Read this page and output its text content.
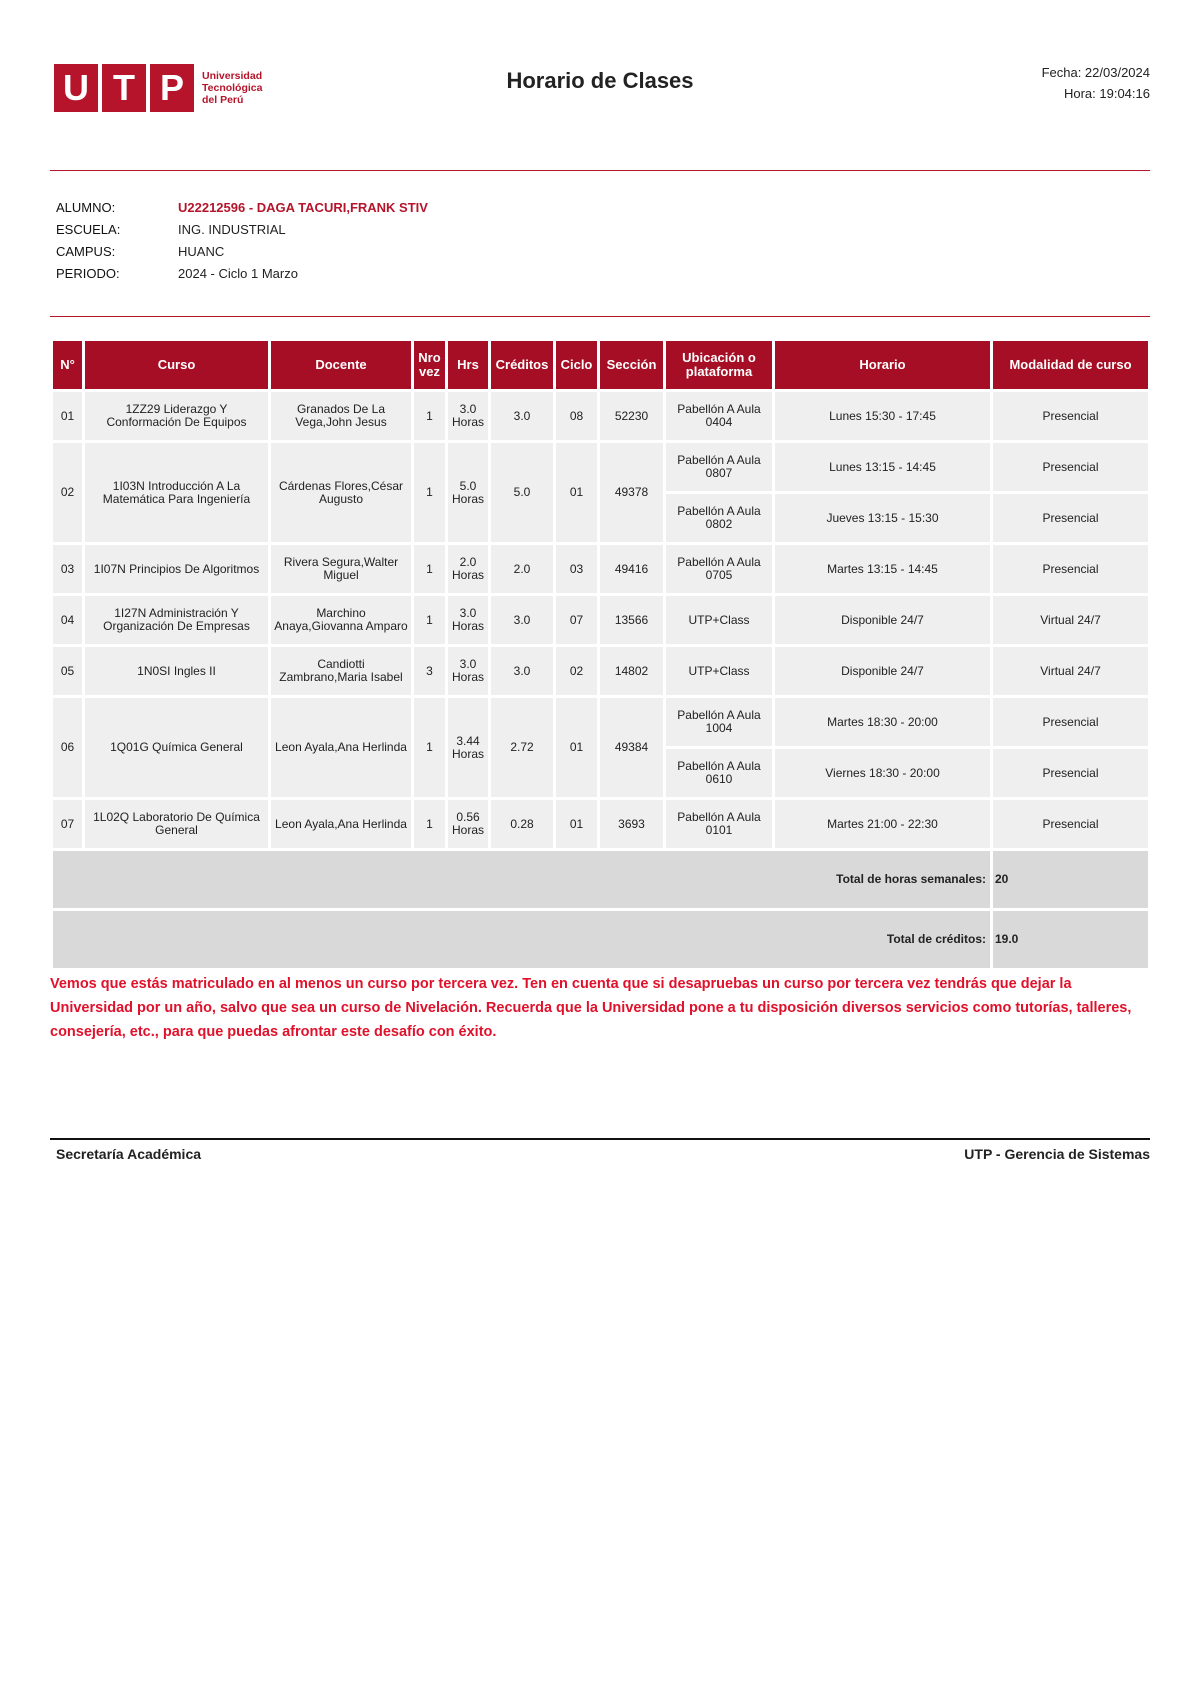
U T P	Universidad
Tecnológica
del Perú
Horario de Clases	Fecha: 22/03/2024
Hora: 19:04:16
ALUMNO:	U22212596 - DAGA TACURI,FRANK STIV
ESCUELA:	ING. INDUSTRIAL
CAMPUS:	HUANC
PERIODO:	2024 - Ciclo 1 Marzo
N°	Curso	Docente	Nro vez	Hrs	Créditos	Ciclo	Sección	Ubicación o plataforma	Horario	Modalidad de curso
01	1ZZ29 Liderazgo Y Conformación De Equipos	Granados De La Vega,John Jesus	1	3.0 Horas	3.0	08	52230	Pabellón A Aula 0404	Lunes 15:30 - 17:45	Presencial
02	1I03N Introducción A La Matemática Para Ingeniería	Cárdenas Flores,César Augusto	1	5.0 Horas	5.0	01	49378	Pabellón A Aula 0807	Lunes 13:15 - 14:45	Presencial
								Pabellón A Aula 0802	Jueves 13:15 - 15:30	Presencial
03	1I07N Principios De Algoritmos	Rivera Segura,Walter Miguel	1	2.0 Horas	2.0	03	49416	Pabellón A Aula 0705	Martes 13:15 - 14:45	Presencial
04	1I27N Administración Y Organización De Empresas	Marchino Anaya,Giovanna Amparo	1	3.0 Horas	3.0	07	13566	UTP+Class	Disponible 24/7	Virtual 24/7
05	1N0SI Ingles II	Candiotti Zambrano,Maria Isabel	3	3.0 Horas	3.0	02	14802	UTP+Class	Disponible 24/7	Virtual 24/7
06	1Q01G Química General	Leon Ayala,Ana Herlinda	1	3.44 Horas	2.72	01	49384	Pabellón A Aula 1004	Martes 18:30 - 20:00	Presencial
								Pabellón A Aula 0610	Viernes 18:30 - 20:00	Presencial
07	1L02Q Laboratorio De Química General	Leon Ayala,Ana Herlinda	1	0.56 Horas	0.28	01	3693	Pabellón A Aula 0101	Martes 21:00 - 22:30	Presencial
Total de horas semanales:										20
Total de créditos:										19.0
Vemos que estás matriculado en al menos un curso por tercera vez. Ten en cuenta que si desapruebas un curso por tercera vez tendrás que dejar la Universidad por un año, salvo que sea un curso de Nivelación. Recuerda que la Universidad pone a tu disposición diversos servicios como tutorías, talleres, consejería, etc., para que puedas afrontar este desafío con éxito.
Secretaría Académica	UTP - Gerencia de Sistemas
